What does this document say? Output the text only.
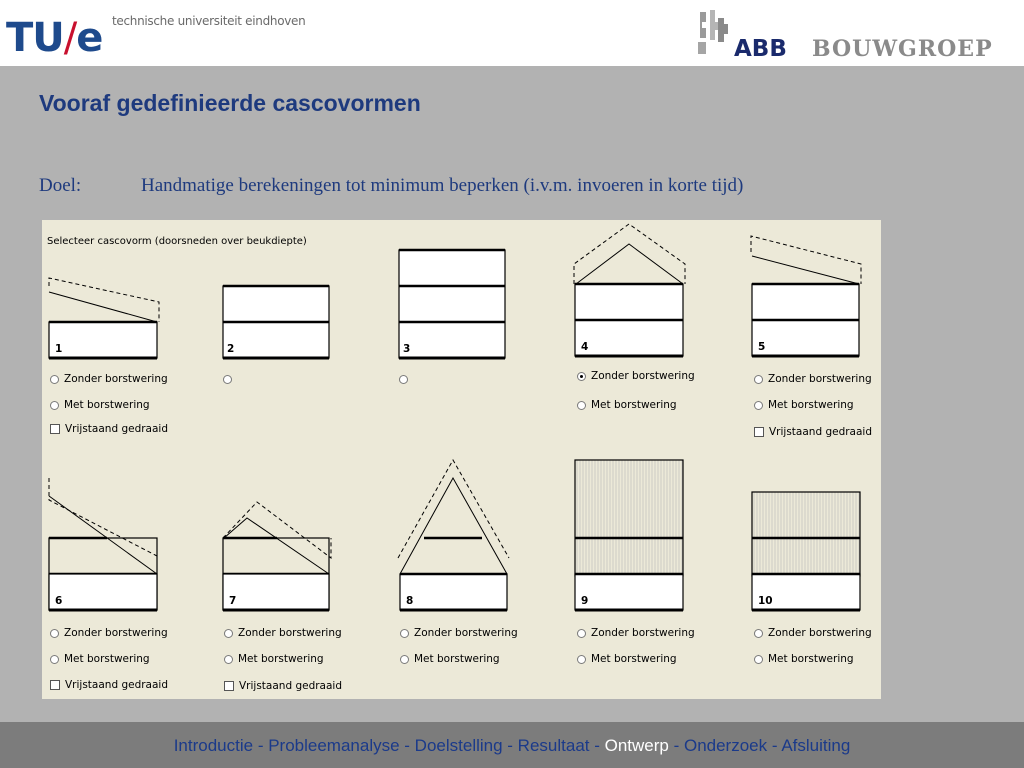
TU/e technische universiteit eindhoven
ABB BOUWGROEP
Vooraf gedefinieerde cascovormen
Doel:	Handmatige berekeningen tot minimum beperken (i.v.m. invoeren in korte tijd)
Selecteer cascovorm (doorsneden over beukdiepte)
1	2	3	4	5
6	7	8	9	10
Zonder borstwering
Met borstwering
Vrijstaand gedraaid
Zonder borstwering
Met borstwering
Zonder borstwering
Met borstwering
Vrijstaand gedraaid
Zonder borstwering
Met borstwering
Vrijstaand gedraaid
Zonder borstwering
Met borstwering
Vrijstaand gedraaid
Zonder borstwering
Met borstwering
Zonder borstwering
Met borstwering
Zonder borstwering
Met borstwering
Introductie - Probleemanalyse - Doelstelling - Resultaat - Ontwerp - Onderzoek - Afsluiting
